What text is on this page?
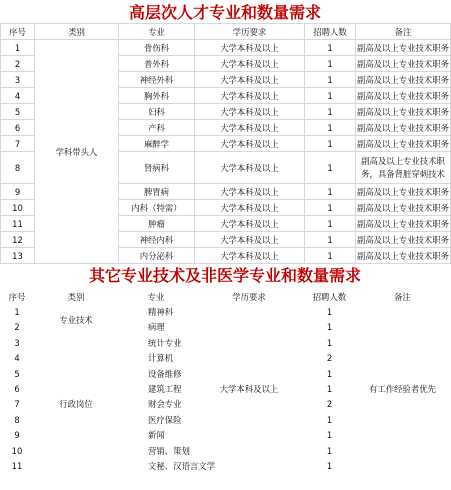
高层次人才专业和数量需求
序号	类别	专业	学历要求	招聘人数	备注
1	学科带头人	骨伤科	大学本科及以上	1	副高及以上专业技术职务
2		普外科	大学本科及以上	1	副高及以上专业技术职务
3		神经外科	大学本科及以上	1	副高及以上专业技术职务
4		胸外科	大学本科及以上	1	副高及以上专业技术职务
5		妇科	大学本科及以上	1	副高及以上专业技术职务
6		产科	大学本科及以上	1	副高及以上专业技术职务
7		麻醉学	大学本科及以上	1	副高及以上专业技术职务
8		肾病科	大学本科及以上	1	副高及以上专业技术职务，具备肾脏穿刺技术
9		脾胃病	大学本科及以上	1	副高及以上专业技术职务
10		内科（特需）	大学本科及以上	1	副高及以上专业技术职务
11		肿瘤	大学本科及以上	1	副高及以上专业技术职务
12		神经内科	大学本科及以上	1	副高及以上专业技术职务
13		内分泌科	大学本科及以上	1	副高及以上专业技术职务
其它专业技术及非医学专业和数量需求
序号	类别	专业	学历要求	招聘人数	备注
1	专业技术	精神科	大学本科及以上	1	有工作经验者优先
2		病理		1	
3	行政岗位	统计专业		1	
4		计算机		2	
5		设备维修		1	
6		建筑工程		1	
7		财会专业		2	
8		医疗保险		1	
9		新闻		1	
10		营销、策划		1	
11		文秘、汉语言文学		1	
